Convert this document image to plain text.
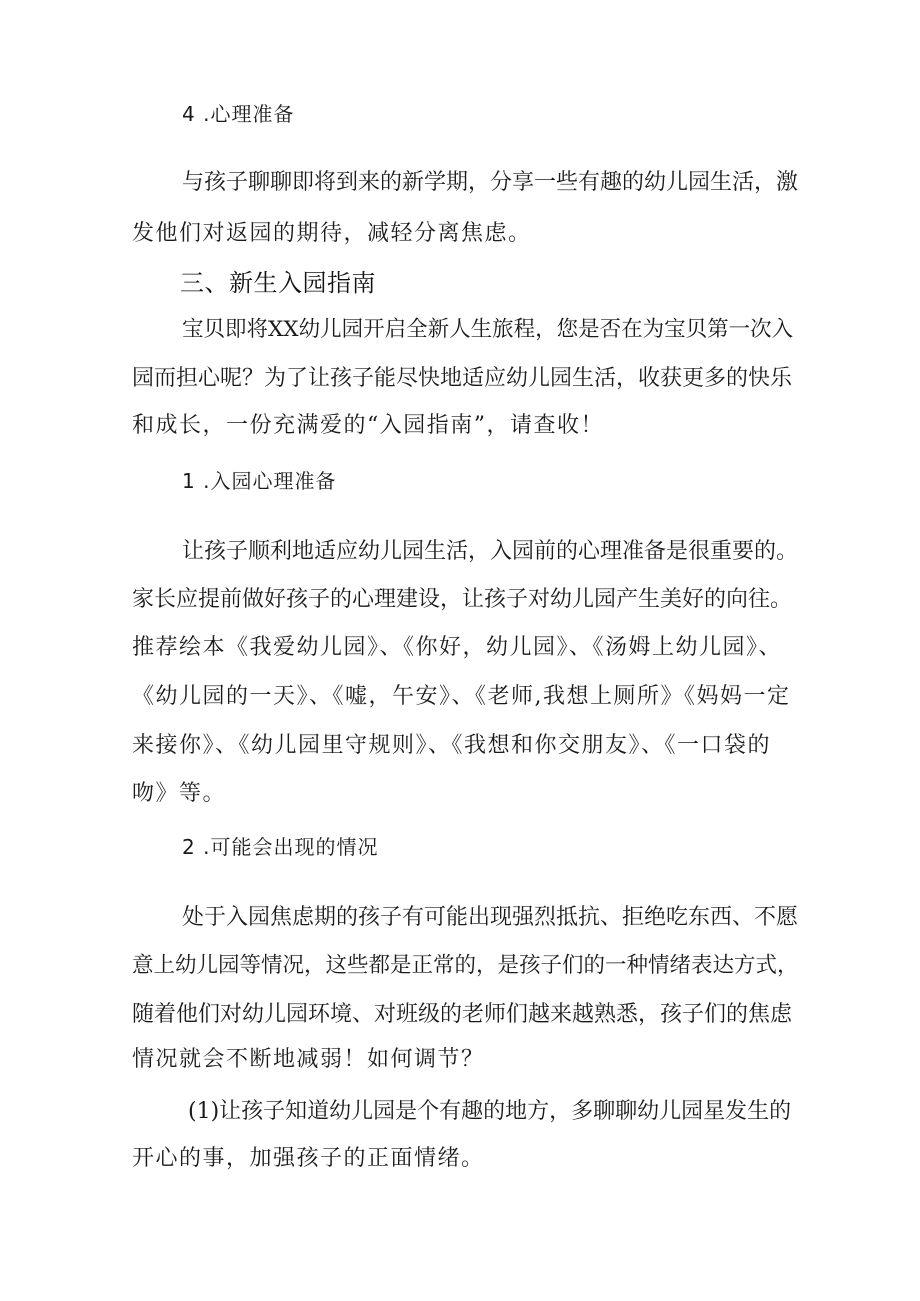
4 .心理准备
与孩子聊聊即将到来的新学期，分享一些有趣的幼儿园生活，激
发他们对返园的期待，减轻分离焦虑。
三、新生入园指南
宝贝即将XX幼儿园开启全新人生旅程，您是否在为宝贝第一次入
园而担心呢？为了让孩子能尽快地适应幼儿园生活，收获更多的快乐
和成长，一份充满爱的“入园指南”，请查收！
1 .入园心理准备
让孩子顺利地适应幼儿园生活，入园前的心理准备是很重要的。
家长应提前做好孩子的心理建设，让孩子对幼儿园产生美好的向往。
推荐绘本《我爱幼儿园》、《你好，幼儿园》、《汤姆上幼儿园》、
《幼儿园的一天》、《嘘，午安》、《老师,我想上厕所》《妈妈一定
来接你》、《幼儿园里守规则》、《我想和你交朋友》、《一口袋的
吻》等。
2 .可能会出现的情况
处于入园焦虑期的孩子有可能出现强烈抵抗、拒绝吃东西、不愿
意上幼儿园等情况，这些都是正常的，是孩子们的一种情绪表达方式，
随着他们对幼儿园环境、对班级的老师们越来越熟悉，孩子们的焦虑
情况就会不断地减弱！如何调节？
(1)让孩子知道幼儿园是个有趣的地方，多聊聊幼儿园星发生的
开心的事，加强孩子的正面情绪。
